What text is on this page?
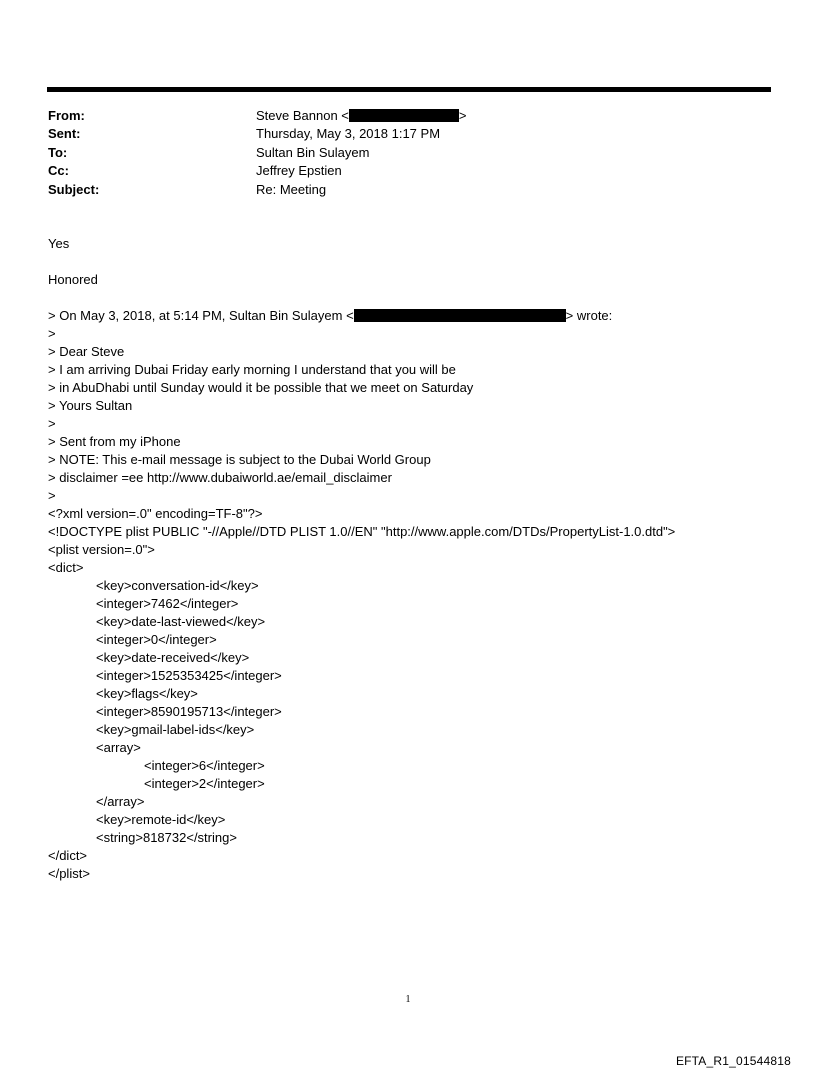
From:	Steve Bannon <	>
Sent:	Thursday, May 3, 2018 1:17 PM
To:	Sultan Bin Sulayem
Cc:	Jeffrey Epstien
Subject:	Re: Meeting
Yes
Honored
> On May 3, 2018, at 5:14 PM, Sultan Bin Sulayem <	> wrote:
>
> Dear Steve
> I am arriving Dubai Friday early morning I understand that you will be
> in AbuDhabi until Sunday would it be possible that we meet on Saturday
> Yours Sultan
>
> Sent from my iPhone
> NOTE: This e-mail message is subject to the Dubai World Group
> disclaimer =ee http://www.dubaiworld.ae/email_disclaimer
>
<?xml version=.0" encoding=TF-8"?>
<!DOCTYPE plist PUBLIC "-//Apple//DTD PLIST 1.0//EN" "http://www.apple.com/DTDs/PropertyList-1.0.dtd">
<plist version=.0">
<dict>
<key>conversation-id</key>
<integer>7462</integer>
<key>date-last-viewed</key>
<integer>0</integer>
<key>date-received</key>
<integer>1525353425</integer>
<key>flags</key>
<integer>8590195713</integer>
<key>gmail-label-ids</key>
<array>
<integer>6</integer>
<integer>2</integer>
</array>
<key>remote-id</key>
<string>818732</string>
</dict>
</plist>
1
EFTA_R1_01544818
